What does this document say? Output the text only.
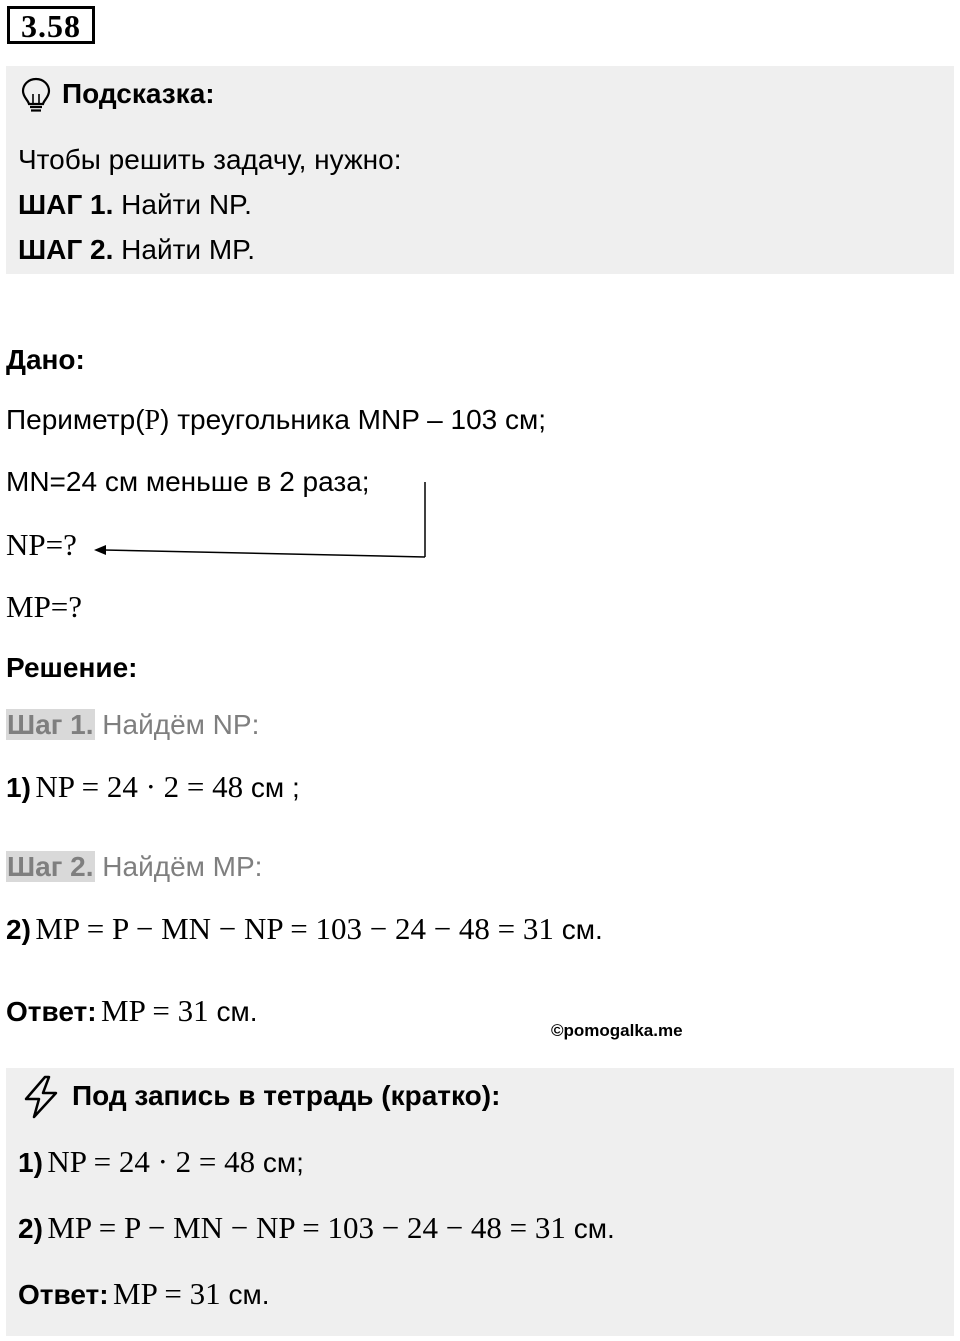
3.58
Подсказка:
Чтобы решить задачу, нужно:
ШАГ 1. Найти NP.
ШАГ 2. Найти MP.
Дано:
Периметр(P) треугольника MNP – 103 см;
MN=24 см меньше в 2 раза;
NP=?
MP=?
Решение:
Шаг 1. Найдём NP:
1) NP = 24 · 2 = 48 см ;
Шаг 2. Найдём MP:
2) MP = P − MN − NP = 103 − 24 − 48 = 31 см.
Ответ: MP = 31 см.
©pomogalka.me
Под запись в тетрадь (кратко):
1) NP = 24 · 2 = 48 см;
2) MP = P − MN − NP = 103 − 24 − 48 = 31 см.
Ответ: MP = 31 см.
